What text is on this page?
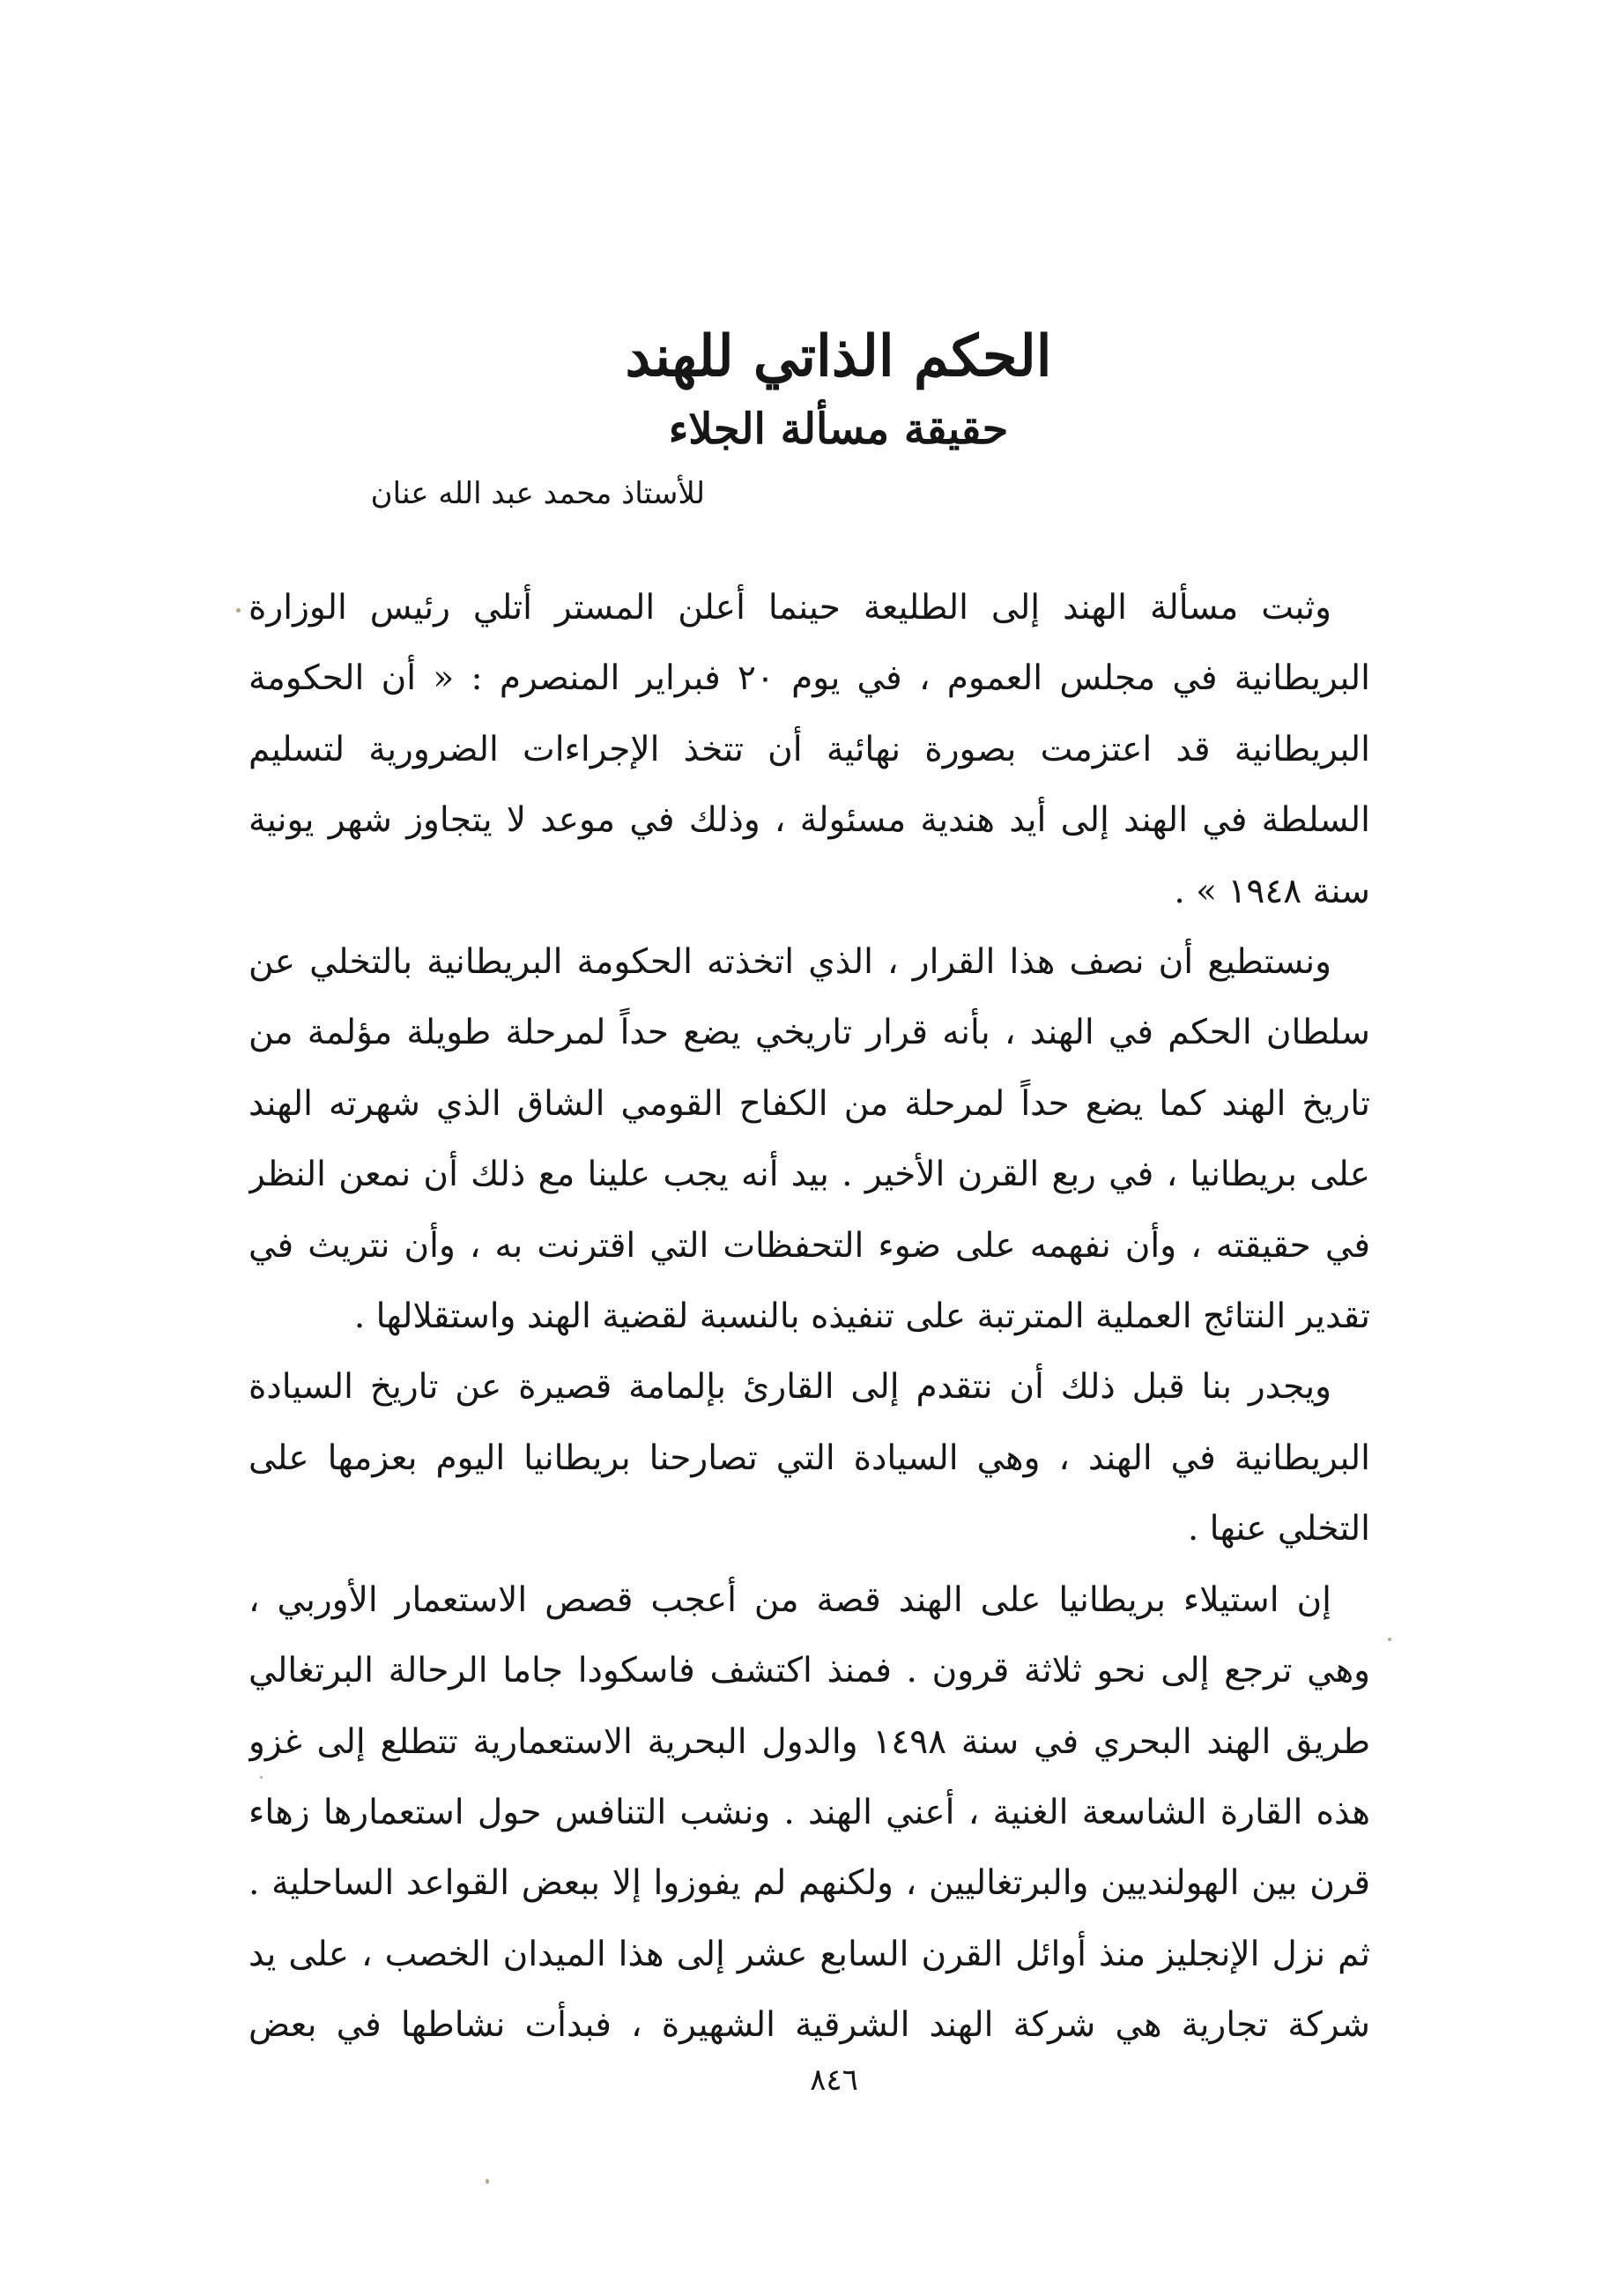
الحكم الذاتي للهند
حقيقة مسألة الجلاء
للأستاذ محمد عبد الله عنان

وثبت مسألة الهند إلى الطليعة حينما أعلن المستر أتلي رئيس الوزارة البريطانية في مجلس العموم ، في يوم ٢٠ فبراير المنصرم : « أن الحكومة البريطانية قد اعتزمت بصورة نهائية أن تتخذ الإجراءات الضرورية لتسليم السلطة في الهند إلى أيد هندية مسئولة ، وذلك في موعد لا يتجاوز شهر يونية سنة ١٩٤٨ » .

ونستطيع أن نصف هذا القرار ، الذي اتخذته الحكومة البريطانية بالتخلي عن سلطان الحكم في الهند ، بأنه قرار تاريخي يضع حداً لمرحلة طويلة مؤلمة من تاريخ الهند كما يضع حداً لمرحلة من الكفاح القومي الشاق الذي شهرته الهند على بريطانيا ، في ربع القرن الأخير . بيد أنه يجب علينا مع ذلك أن نمعن النظر في حقيقته ، وأن نفهمه على ضوء التحفظات التي اقترنت به ، وأن نتريث في تقدير النتائج العملية المترتبة على تنفيذه بالنسبة لقضية الهند واستقلالها .

ويجدر بنا قبل ذلك أن نتقدم إلى القارئ بإلمامة قصيرة عن تاريخ السيادة البريطانية في الهند ، وهي السيادة التي تصارحنا بريطانيا اليوم بعزمها على التخلي عنها .

إن استيلاء بريطانيا على الهند قصة من أعجب قصص الاستعمار الأوربي ، وهي ترجع إلى نحو ثلاثة قرون . فمنذ اكتشف فاسكودا جاما الرحالة البرتغالي طريق الهند البحري في سنة ١٤٩٨ والدول البحرية الاستعمارية تتطلع إلى غزو هذه القارة الشاسعة الغنية ، أعني الهند . ونشب التنافس حول استعمارها زهاء قرن بين الهولنديين والبرتغاليين ، ولكنهم لم يفوزوا إلا ببعض القواعد الساحلية . ثم نزل الإنجليز منذ أوائل القرن السابع عشر إلى هذا الميدان الخصب ، على يد شركة تجارية هي شركة الهند الشرقية الشهيرة ، فبدأت نشاطها في بعض

٨٤٦
